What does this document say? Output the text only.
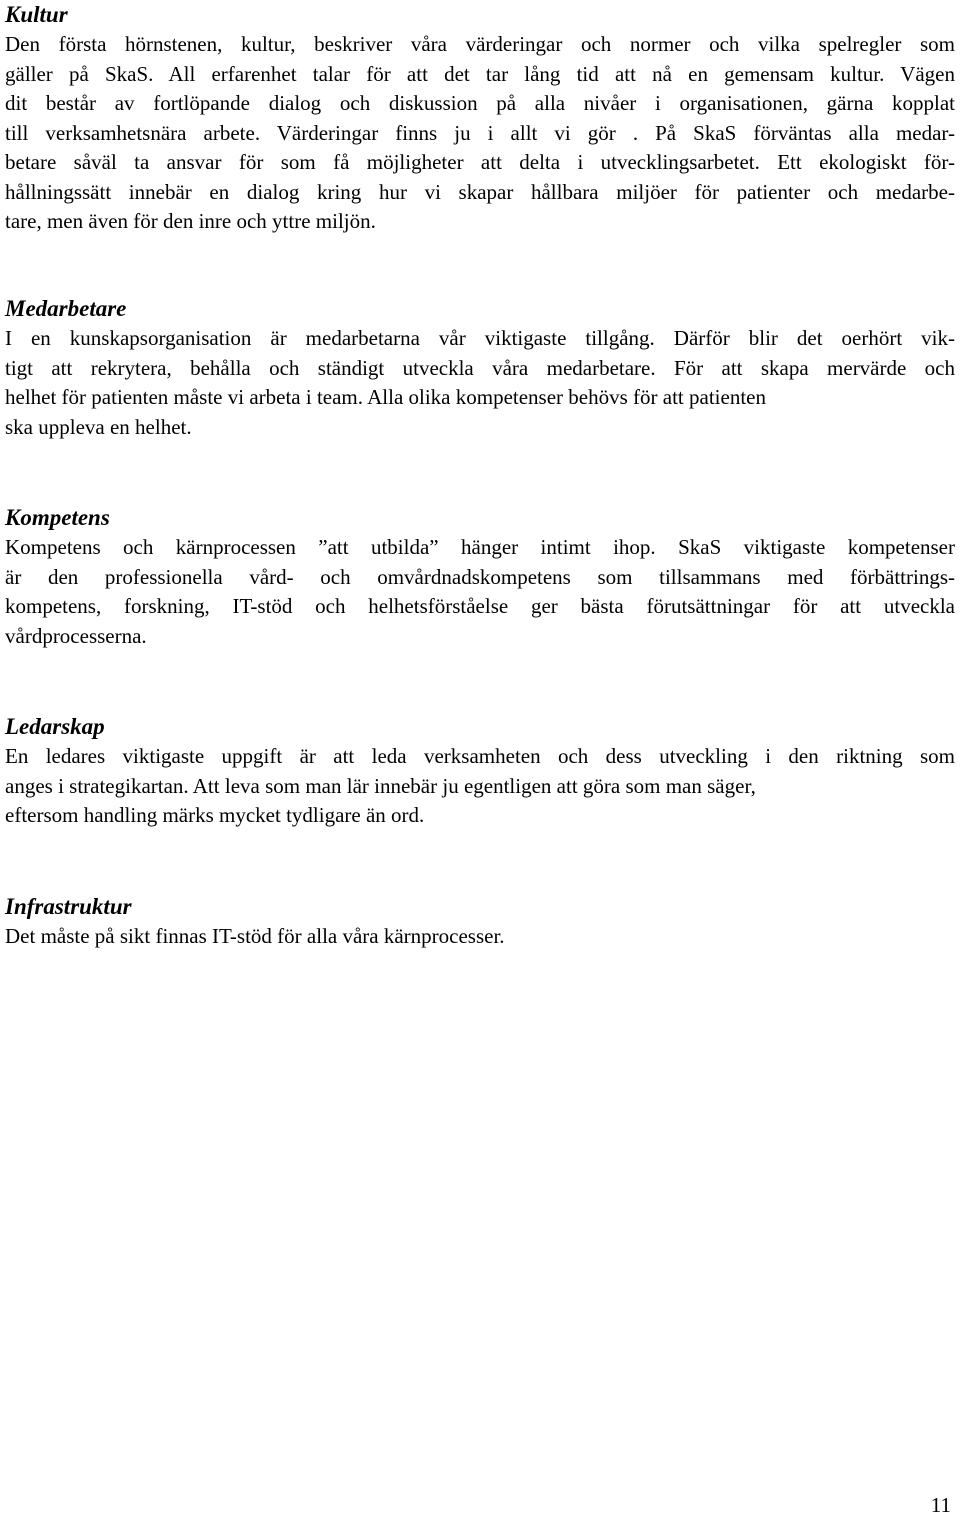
Kultur

Den första hörnstenen, kultur, beskriver våra värderingar och normer och vilka spelregler som
gäller på SkaS. All erfarenhet talar för att det tar lång tid att nå en gemensam kultur. Vägen
dit består av fortlöpande dialog och diskussion på alla nivåer i organisationen, gärna kopplat
till verksamhetsnära arbete. Värderingar finns ju i allt vi gör . På SkaS förväntas alla medar-
betare såväl ta ansvar för som få möjligheter att delta i utvecklingsarbetet. Ett ekologiskt för-
hållningssätt innebär en dialog kring hur vi skapar hållbara miljöer för patienter och medarbe-
tare, men även för den inre och yttre miljön.

Medarbetare

I en kunskapsorganisation är medarbetarna vår viktigaste tillgång. Därför blir det oerhört vik-
tigt att rekrytera, behålla och ständigt utveckla våra medarbetare. För att skapa mervärde och
helhet för patienten måste vi arbeta i team. Alla olika kompetenser behövs för att patienten
ska uppleva en helhet.

Kompetens

Kompetens och kärnprocessen ”att utbilda” hänger intimt ihop. SkaS viktigaste kompetenser
är den professionella vård- och omvårdnadskompetens som tillsammans med förbättrings-
kompetens, forskning, IT-stöd och helhetsförståelse ger bästa förutsättningar för att utveckla
vårdprocesserna.

Ledarskap

En ledares viktigaste uppgift är att leda verksamheten och dess utveckling i den riktning som
anges i strategikartan. Att leva som man lär innebär ju egentligen att göra som man säger,
eftersom handling märks mycket tydligare än ord.

Infrastruktur

Det måste på sikt finnas IT-stöd för alla våra kärnprocesser.

11
